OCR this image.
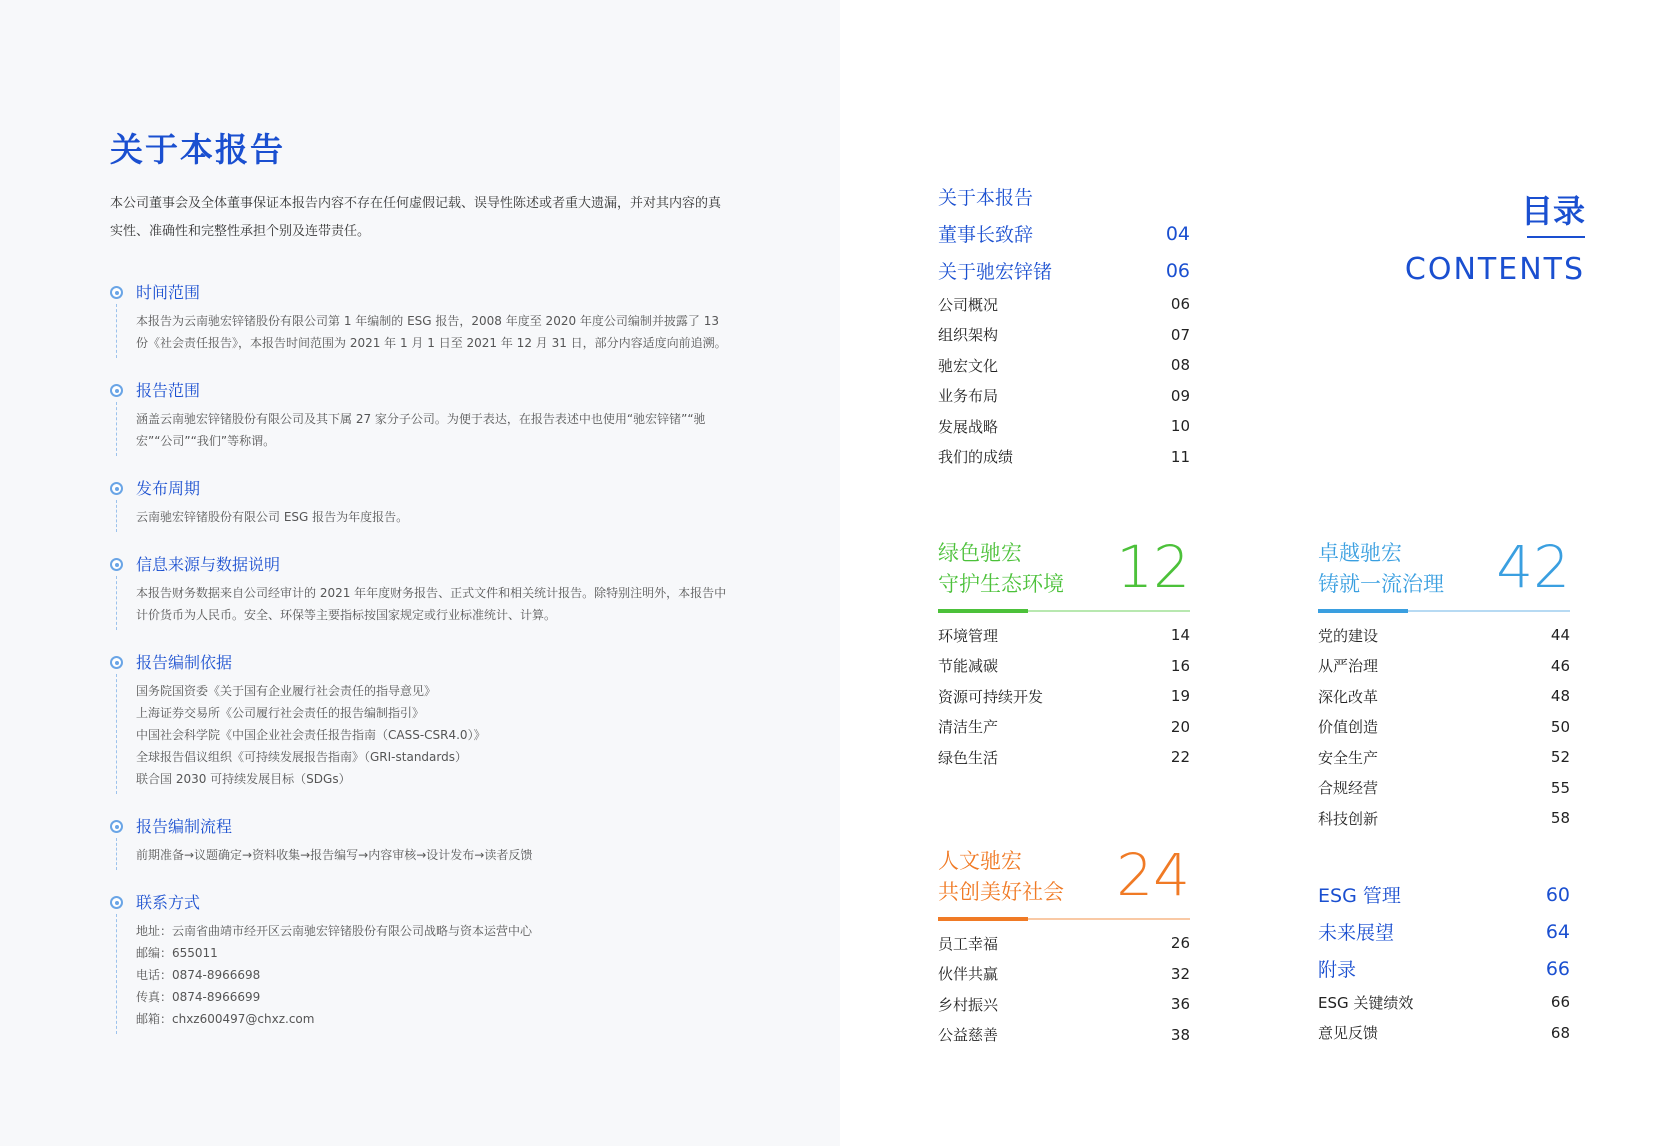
关于本报告

本公司董事会及全体董事保证本报告内容不存在任何虚假记载、误导性陈述或者重大遗漏，并对其内容的真实性、准确性和完整性承担个别及连带责任。

时间范围
本报告为云南驰宏锌锗股份有限公司第 1 年编制的 ESG 报告，2008 年度至 2020 年度公司编制并披露了 13 份《社会责任报告》，本报告时间范围为 2021 年 1 月 1 日至 2021 年 12 月 31 日，部分内容适度向前追溯。
报告范围
涵盖云南驰宏锌锗股份有限公司及其下属 27 家分子公司。为便于表达，在报告表述中也使用“驰宏锌锗”“驰宏”“公司”“我们”等称谓。
发布周期
云南驰宏锌锗股份有限公司 ESG 报告为年度报告。
信息来源与数据说明
本报告财务数据来自公司经审计的 2021 年年度财务报告、正式文件和相关统计报告。除特别注明外，本报告中计价货币为人民币。安全、环保等主要指标按国家规定或行业标准统计、计算。
报告编制依据
国务院国资委《关于国有企业履行社会责任的指导意见》
上海证券交易所《公司履行社会责任的报告编制指引》
中国社会科学院《中国企业社会责任报告指南（CASS-CSR4.0）》
全球报告倡议组织《可持续发展报告指南》（GRI-standards）
联合国 2030 可持续发展目标（SDGs）
报告编制流程
前期准备→议题确定→资料收集→报告编写→内容审核→设计发布→读者反馈
联系方式
地址：云南省曲靖市经开区云南驰宏锌锗股份有限公司战略与资本运营中心
邮编：655011
电话：0874-8966698
传真：0874-8966699
邮箱：chxz600497@chxz.com
目录
CONTENTS
关于本报告
董事长致辞	04
关于驰宏锌锗	06
公司概况	06
组织架构	07
驰宏文化	08
业务布局	09
发展战略	10
我们的成绩	11
绿色驰宏
守护生态环境 12
环境管理	14
节能减碳	16
资源可持续开发	19
清洁生产	20
绿色生活	22
卓越驰宏
铸就一流治理 42
党的建设	44
从严治理	46
深化改革	48
价值创造	50
安全生产	52
合规经营	55
科技创新	58
人文驰宏
共创美好社会 24
员工幸福	26
伙伴共赢	32
乡村振兴	36
公益慈善	38
ESG 管理	60
未来展望	64
附录	66
ESG 关键绩效	66
意见反馈	68
